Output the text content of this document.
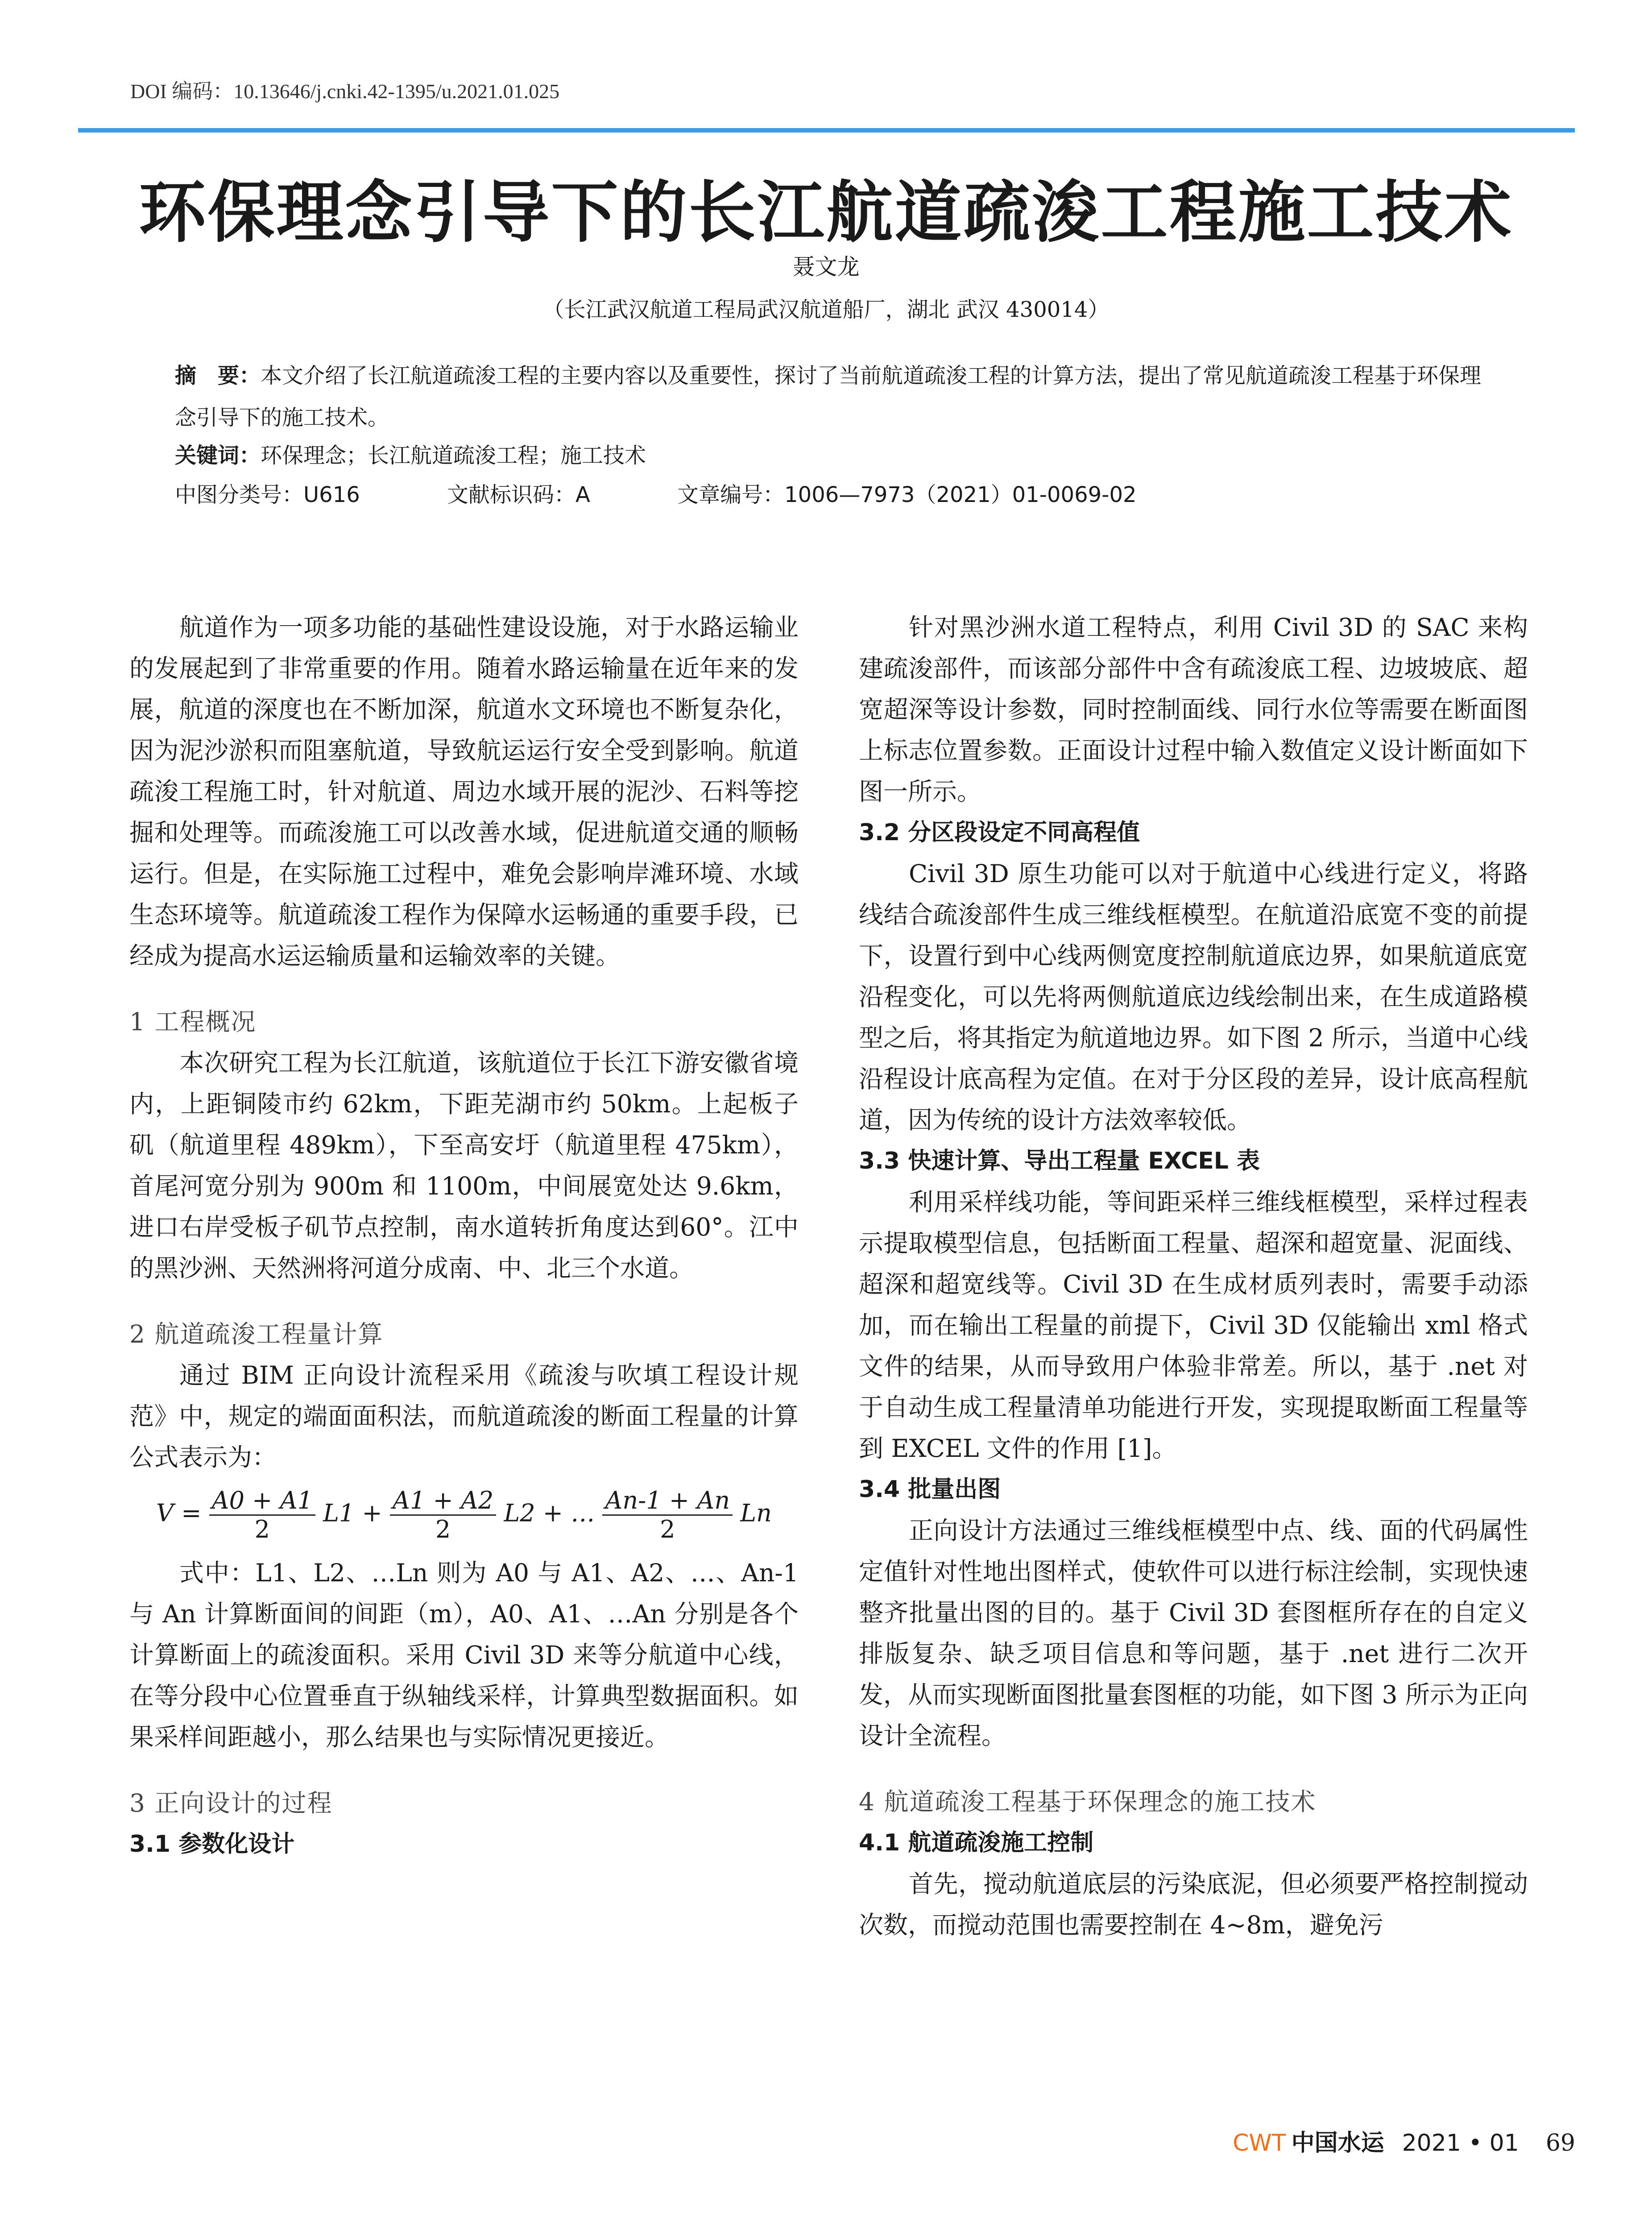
DOI 编码：10.13646/j.cnki.42-1395/u.2021.01.025
环保理念引导下的长江航道疏浚工程施工技术
聂文龙
（长江武汉航道工程局武汉航道船厂，湖北 武汉 430014）
摘　要：本文介绍了长江航道疏浚工程的主要内容以及重要性，探讨了当前航道疏浚工程的计算方法，提出了常见航道疏浚工程基于环保理念引导下的施工技术。
关键词：环保理念；长江航道疏浚工程；施工技术
中图分类号：U616	文献标识码：A	文章编号：1006—7973（2021）01-0069-02

航道作为一项多功能的基础性建设设施，对于水路运输业的发展起到了非常重要的作用。随着水路运输量在近年来的发展，航道的深度也在不断加深，航道水文环境也不断复杂化，因为泥沙淤积而阻塞航道，导致航运运行安全受到影响。航道疏浚工程施工时，针对航道、周边水域开展的泥沙、石料等挖掘和处理等。而疏浚施工可以改善水域，促进航道交通的顺畅运行。但是，在实际施工过程中，难免会影响岸滩环境、水域生态环境等。航道疏浚工程作为保障水运畅通的重要手段，已经成为提高水运运输质量和运输效率的关键。

1 工程概况

本次研究工程为长江航道，该航道位于长江下游安徽省境内，上距铜陵市约 62km，下距芜湖市约 50km。上起板子矶（航道里程 489km），下至高安圩（航道里程 475km），首尾河宽分别为 900m 和 1100m，中间展宽处达 9.6km，进口右岸受板子矶节点控制，南水道转折角度达到60°。江中的黑沙洲、天然洲将河道分成南、中、北三个水道。

2 航道疏浚工程量计算

通过 BIM 正向设计流程采用《疏浚与吹填工程设计规范》中，规定的端面面积法，而航道疏浚的断面工程量的计算公式表示为：

$V = \frac{A0 + A1}{2} L1 + \frac{A1 + A2}{2} L2$ + … $\frac{An-1 + An}{2}$ Ln

式中：L1、L2、…Ln 则为 A0 与 A1、A2、…、An-1 与 An 计算断面间的间距（m），A0、A1、…An 分别是各个计算断面上的疏浚面积。采用 Civil 3D 来等分航道中心线，在等分段中心位置垂直于纵轴线采样，计算典型数据面积。如果采样间距越小，那么结果也与实际情况更接近。

3 正向设计的过程
3.1 参数化设计

针对黑沙洲水道工程特点，利用 Civil 3D 的 SAC 来构建疏浚部件，而该部分部件中含有疏浚底工程、边坡坡底、超宽超深等设计参数，同时控制面线、同行水位等需要在断面图上标志位置参数。正面设计过程中输入数值定义设计断面如下图一所示。

3.2 分区段设定不同高程值

Civil 3D 原生功能可以对于航道中心线进行定义，将路线结合疏浚部件生成三维线框模型。在航道沿底宽不变的前提下，设置行到中心线两侧宽度控制航道底边界，如果航道底宽沿程变化，可以先将两侧航道底边线绘制出来，在生成道路模型之后，将其指定为航道地边界。如下图 2 所示，当道中心线沿程设计底高程为定值。在对于分区段的差异，设计底高程航道，因为传统的设计方法效率较低。

3.3 快速计算、导出工程量 EXCEL 表

利用采样线功能，等间距采样三维线框模型，采样过程表示提取模型信息，包括断面工程量、超深和超宽量、泥面线、超深和超宽线等。Civil 3D 在生成材质列表时，需要手动添加，而在输出工程量的前提下，Civil 3D 仅能输出 xml 格式文件的结果，从而导致用户体验非常差。所以，基于 .net 对于自动生成工程量清单功能进行开发，实现提取断面工程量等到 EXCEL 文件的作用 [1]。

3.4 批量出图

正向设计方法通过三维线框模型中点、线、面的代码属性定值针对性地出图样式，使软件可以进行标注绘制，实现快速整齐批量出图的目的。基于 Civil 3D 套图框所存在的自定义排版复杂、缺乏项目信息和等问题，基于 .net 进行二次开发，从而实现断面图批量套图框的功能，如下图 3 所示为正向设计全流程。

4 航道疏浚工程基于环保理念的施工技术
4.1 航道疏浚施工控制

首先，搅动航道底层的污染底泥，但必须要严格控制搅动次数，而搅动范围也需要控制在 4~8m，避免污

CWT 中国水运 2021 • 01 69
